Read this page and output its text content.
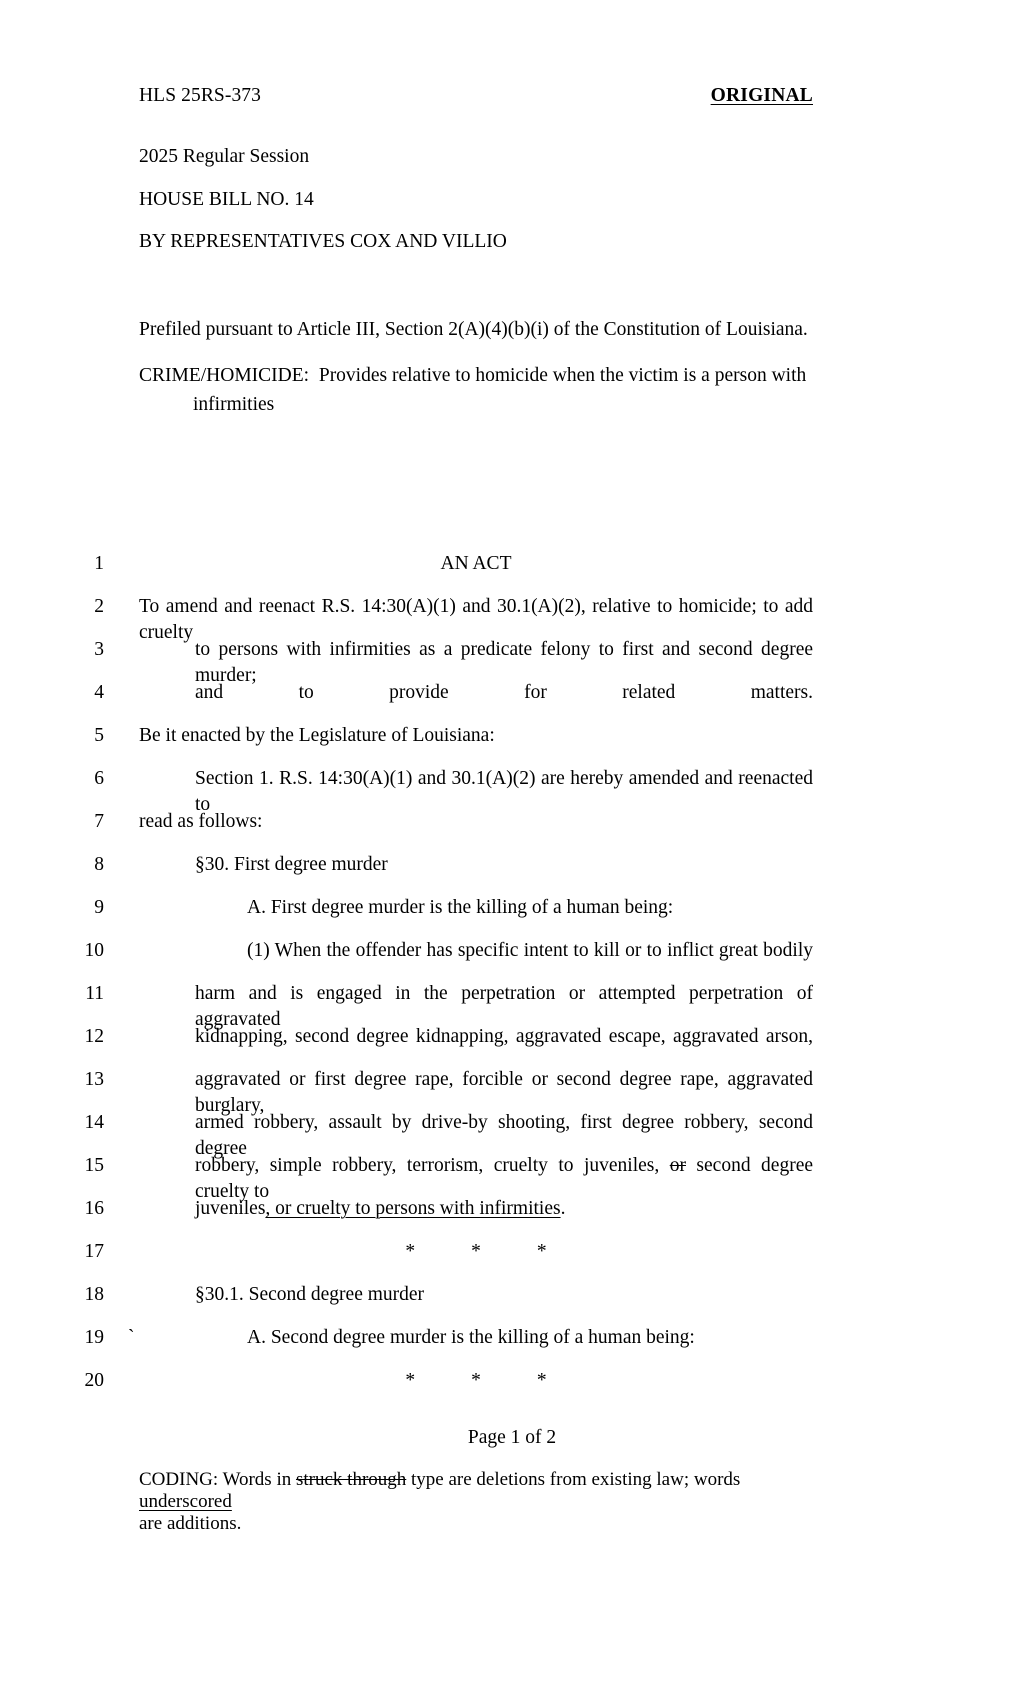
HLS 25RS-373	ORIGINAL
2025 Regular Session
HOUSE BILL NO. 14
BY REPRESENTATIVES COX AND VILLIO
Prefiled pursuant to Article III, Section 2(A)(4)(b)(i) of the Constitution of Louisiana.
CRIME/HOMICIDE: Provides relative to homicide when the victim is a person with
infirmities
1	AN ACT
2 To amend and reenact R.S. 14:30(A)(1) and 30.1(A)(2), relative to homicide; to add cruelty
3	to persons with infirmities as a predicate felony to first and second degree murder;
4	and to provide for related matters.
5 Be it enacted by the Legislature of Louisiana:
6	Section 1. R.S. 14:30(A)(1) and 30.1(A)(2) are hereby amended and reenacted to
7 read as follows:
8	§30. First degree murder
9	A. First degree murder is the killing of a human being:
10	(1) When the offender has specific intent to kill or to inflict great bodily
11	harm and is engaged in the perpetration or attempted perpetration of aggravated
12	kidnapping, second degree kidnapping, aggravated escape, aggravated arson,
13	aggravated or first degree rape, forcible or second degree rape, aggravated burglary,
14	armed robbery, assault by drive-by shooting, first degree robbery, second degree
15	robbery, simple robbery, terrorism, cruelty to juveniles, or second degree cruelty to
16	juveniles, or cruelty to persons with infirmities.
17	*	*	*
18	§30.1. Second degree murder
19 `	A. Second degree murder is the killing of a human being:
20	*	*	*
Page 1 of 2
CODING: Words in struck through type are deletions from existing law; words underscored
are additions.
